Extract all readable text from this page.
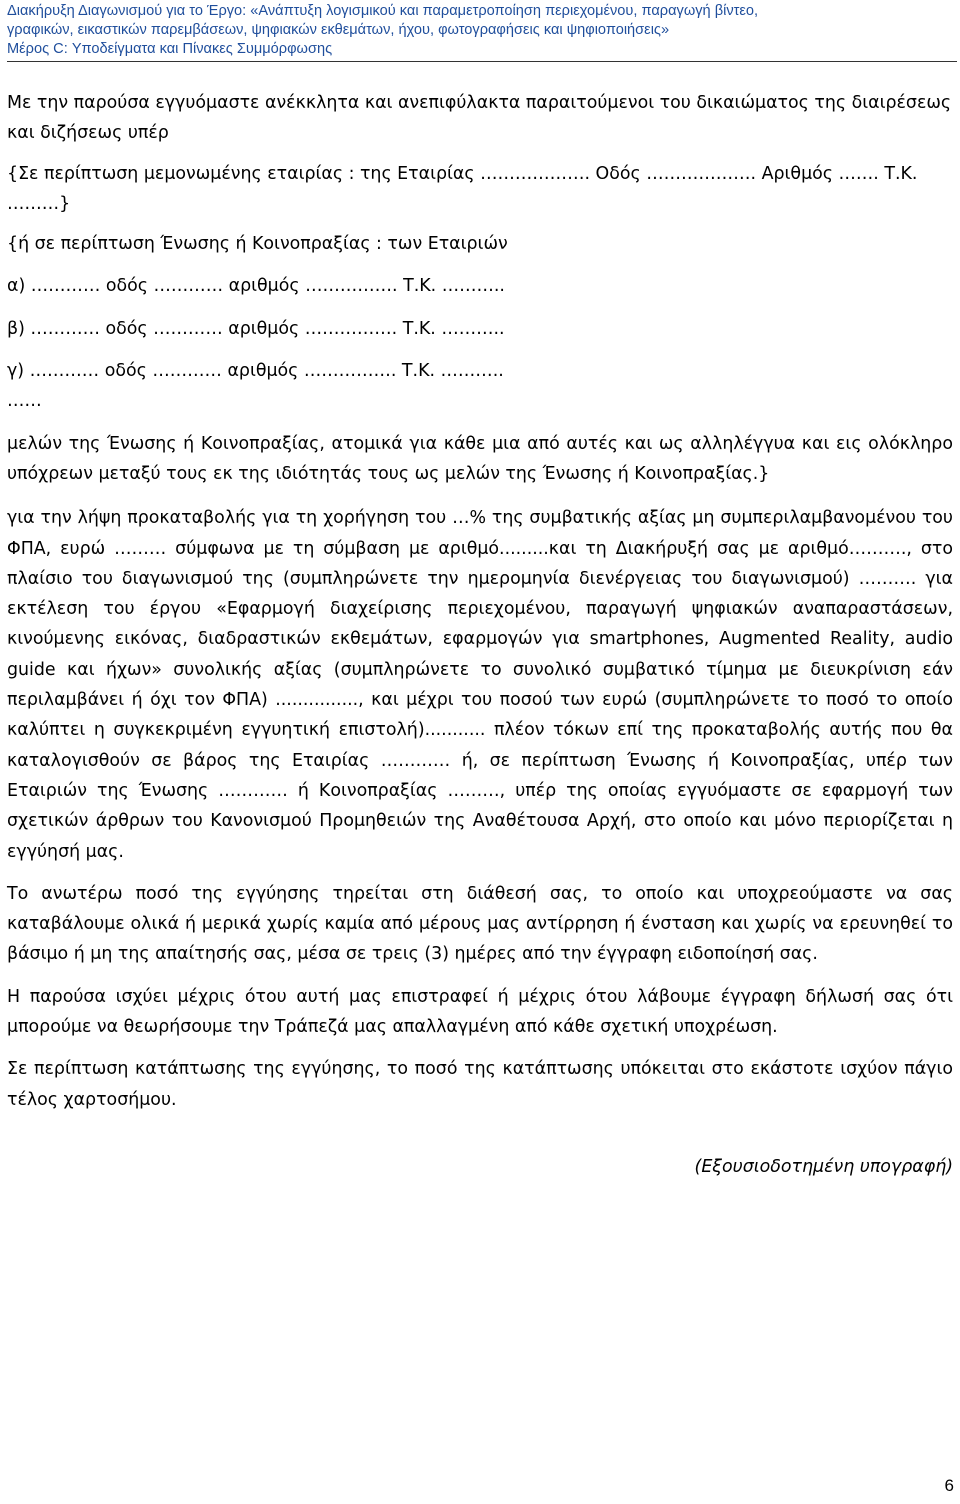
Διακήρυξη Διαγωνισμού για το Έργο: «Ανάπτυξη λογισμικού και παραμετροποίηση περιεχομένου, παραγωγή βίντεο,
γραφικών, εικαστικών παρεμβάσεων, ψηφιακών εκθεμάτων, ήχου, φωτογραφήσεις και ψηφιοποιήσεις»
Μέρος C: Υποδείγματα και Πίνακες Συμμόρφωσης

Με την παρούσα εγγυόμαστε ανέκκλητα και ανεπιφύλακτα παραιτούμενοι του δικαιώματος της διαιρέσεως και διζήσεως υπέρ

{Σε περίπτωση μεμονωμένης εταιρίας : της Εταιρίας ………………. Οδός ………………. Αριθμός ……. Τ.Κ. ………}

{ή σε περίπτωση Ένωσης ή Κοινοπραξίας : των Εταιριών

α) ………… οδός ………… αριθμός ……………. Τ.Κ. ………..

β) ………… οδός ………… αριθμός ……………. Τ.Κ. ………..

γ) ………… οδός ………… αριθμός ……………. Τ.Κ. ………..

……

μελών της Ένωσης ή Κοινοπραξίας, ατομικά για κάθε μια από αυτές και ως αλληλέγγυα και εις ολόκληρο υπόχρεων μεταξύ τους εκ της ιδιότητάς τους ως μελών της Ένωσης ή Κοινοπραξίας.}

για την λήψη προκαταβολής για τη χορήγηση του …% της συμβατικής αξίας μη συμπεριλαμβανομένου του ΦΠΑ, ευρώ ……… σύμφωνα με τη σύμβαση με αριθμό.........και τη Διακήρυξή σας με αριθμό………., στο πλαίσιο του διαγωνισμού της (συμπληρώνετε την ημερομηνία διενέργειας του διαγωνισμού) ………. για εκτέλεση του έργου «Εφαρμογή διαχείρισης περιεχομένου, παραγωγή ψηφιακών αναπαραστάσεων, κινούμενης εικόνας, διαδραστικών εκθεμάτων, εφαρμογών για smartphones, Augmented Reality, audio guide και ήχων» συνολικής αξίας (συμπληρώνετε το συνολικό συμβατικό τίμημα με διευκρίνιση εάν περιλαμβάνει ή όχι τον ΦΠΑ) ..............., και μέχρι του ποσού των ευρώ (συμπληρώνετε το ποσό το οποίο καλύπτει η συγκεκριμένη εγγυητική επιστολή)........... πλέον τόκων επί της προκαταβολής αυτής που θα καταλογισθούν σε βάρος της Εταιρίας ………… ή, σε περίπτωση Ένωσης ή Κοινοπραξίας, υπέρ των Εταιριών της Ένωσης ………… ή Κοινοπραξίας ………, υπέρ της οποίας εγγυόμαστε σε εφαρμογή των σχετικών άρθρων του Κανονισμού Προμηθειών της Αναθέτουσα Αρχή, στο οποίο και μόνο περιορίζεται η εγγύησή μας.

Το ανωτέρω ποσό της εγγύησης τηρείται στη διάθεσή σας, το οποίο και υποχρεούμαστε να σας καταβάλουμε ολικά ή μερικά χωρίς καμία από μέρους μας αντίρρηση ή ένσταση και χωρίς να ερευνηθεί το βάσιμο ή μη της απαίτησής σας, μέσα σε τρεις (3) ημέρες από την έγγραφη ειδοποίησή σας.

Η παρούσα ισχύει μέχρις ότου αυτή μας επιστραφεί ή μέχρις ότου λάβουμε έγγραφη δήλωσή σας ότι μπορούμε να θεωρήσουμε την Τράπεζά μας απαλλαγμένη από κάθε σχετική υποχρέωση.

Σε περίπτωση κατάπτωσης της εγγύησης, το ποσό της κατάπτωσης υπόκειται στο εκάστοτε ισχύον πάγιο τέλος χαρτοσήμου.

(Εξουσιοδοτημένη υπογραφή)

6
